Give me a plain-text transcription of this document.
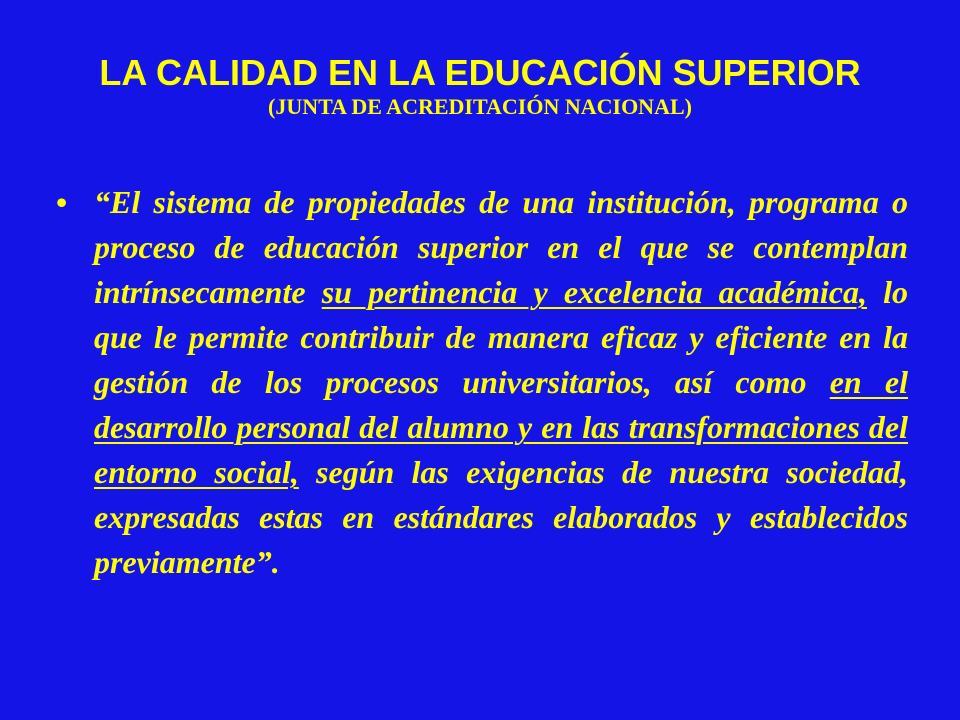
LA CALIDAD EN LA EDUCACIÓN SUPERIOR

(JUNTA DE ACREDITACIÓN NACIONAL)

• “El sistema de propiedades de una institución, programa o proceso de educación superior en el que se contemplan intrínsecamente su pertinencia y excelencia académica, lo que le permite contribuir de manera eficaz y eficiente en la gestión de los procesos universitarios, así como en el desarrollo personal del alumno y en las transformaciones del entorno social, según las exigencias de nuestra sociedad, expresadas estas en estándares elaborados y establecidos previamente”.
